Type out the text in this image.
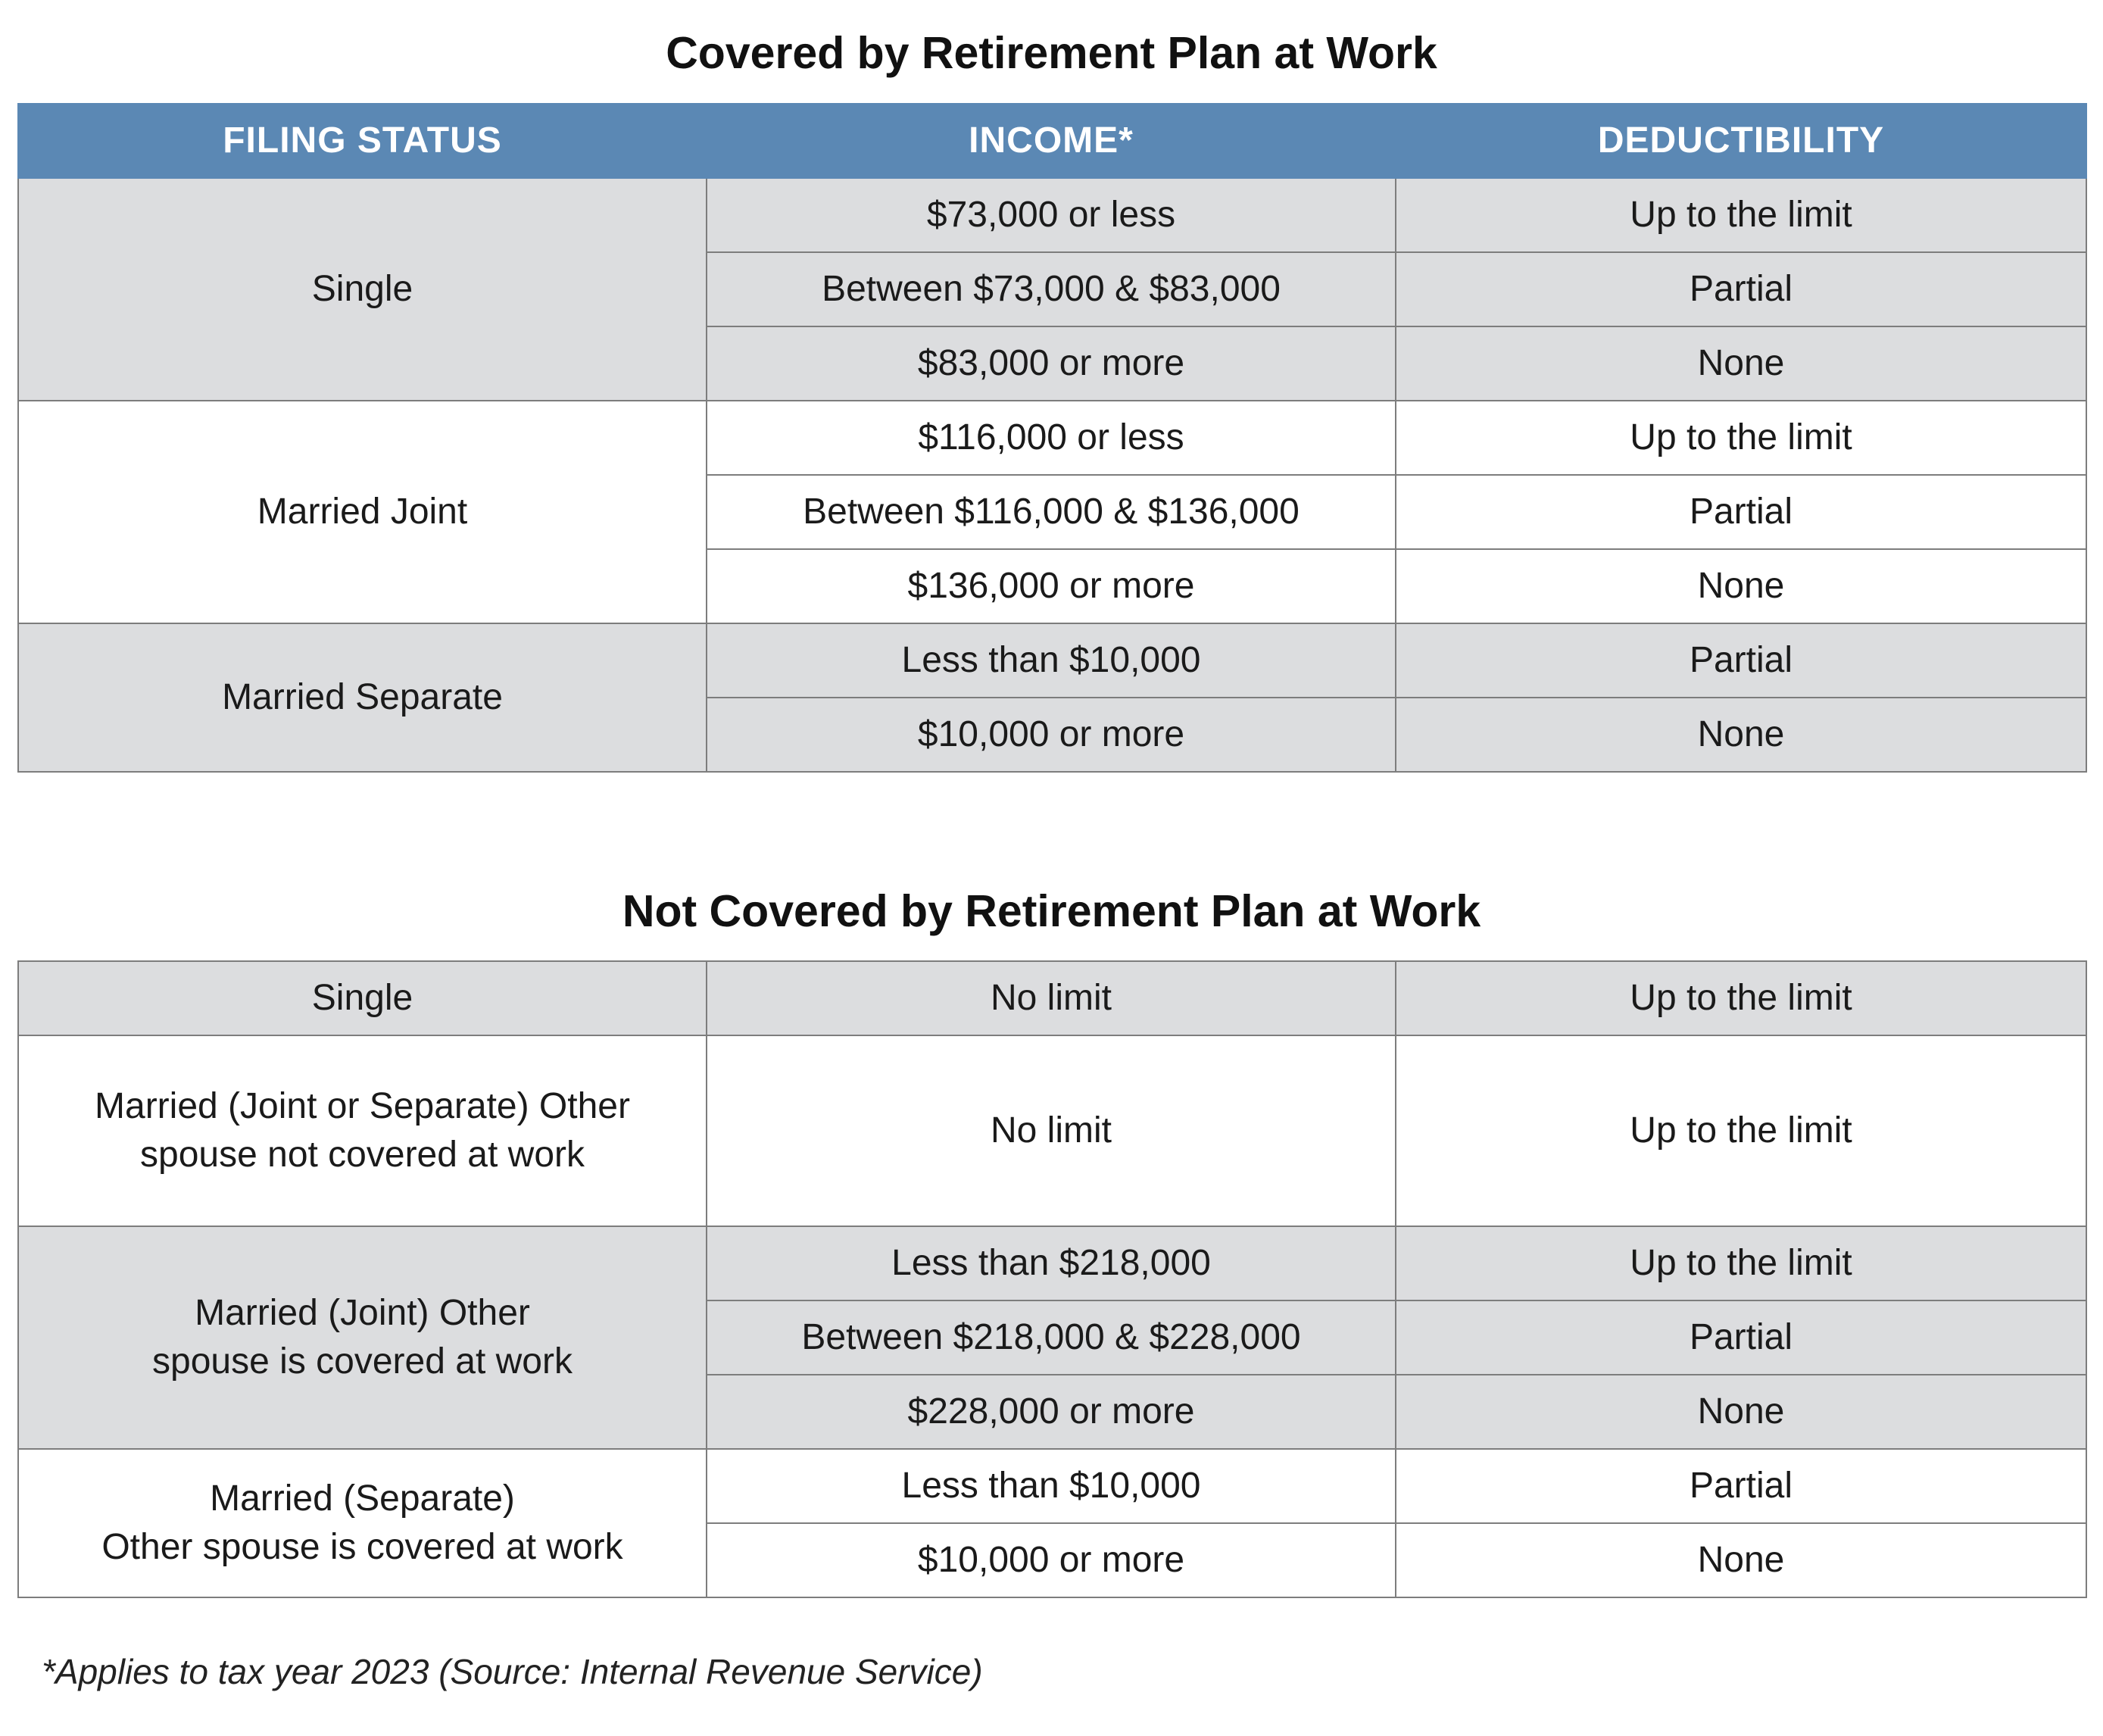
Covered by Retirement Plan at Work
FILING STATUS	INCOME*	DEDUCTIBILITY
Single	$73,000 or less	Up to the limit
	Between $73,000 & $83,000	Partial
	$83,000 or more	None
Married Joint	$116,000 or less	Up to the limit
	Between $116,000 & $136,000	Partial
	$136,000 or more	None
Married Separate	Less than $10,000	Partial
	$10,000 or more	None
Not Covered by Retirement Plan at Work
Single	No limit	Up to the limit

Married (Joint or Separate) Other
spouse not covered at work	No limit	Up to the limit

Married (Joint) Other
spouse is covered at work	Less than $218,000	Up to the limit
	Between $218,000 & $228,000	Partial
	$228,000 or more	None

Married (Separate)
Other spouse is covered at work	Less than $10,000	Partial
	$10,000 or more	None
*Applies to tax year 2023 (Source: Internal Revenue Service)
